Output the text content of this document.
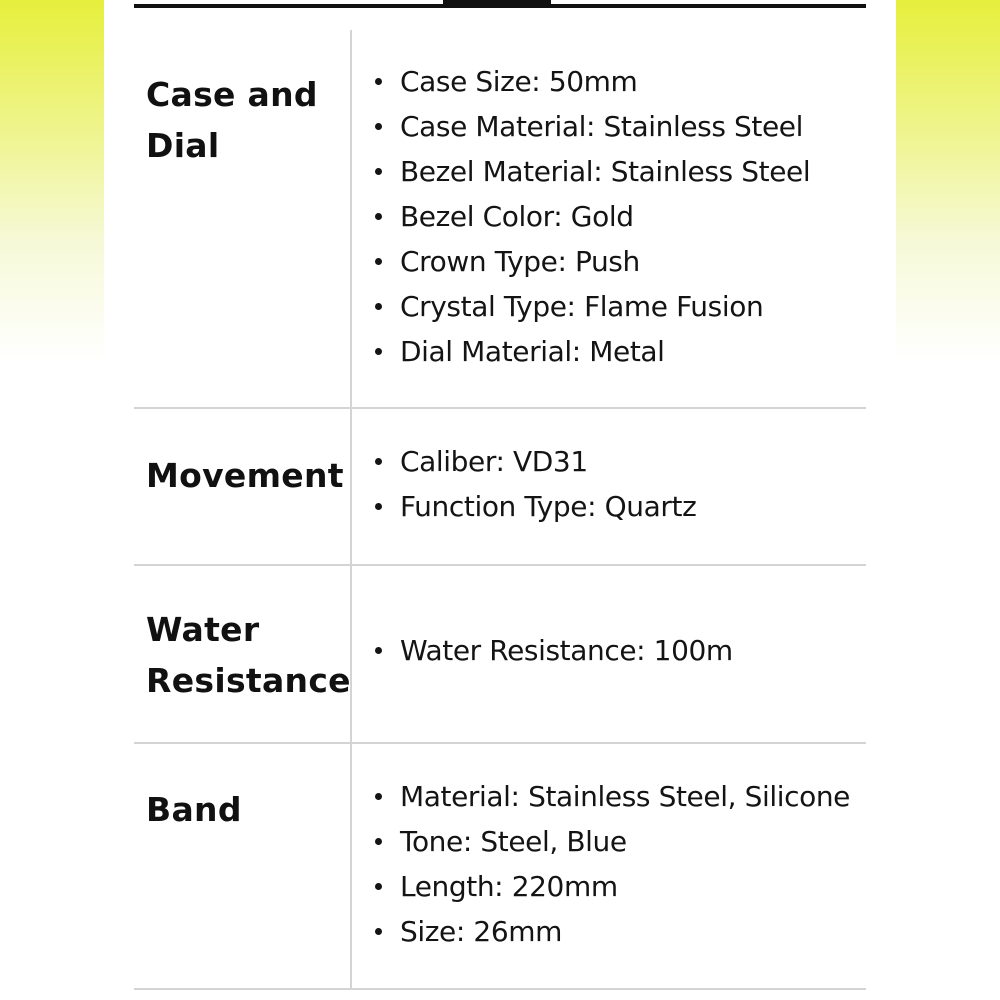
Case and
Dial
Case Size: 50mm
Case Material: Stainless Steel
Bezel Material: Stainless Steel
Bezel Color: Gold
Crown Type: Push
Crystal Type: Flame Fusion
Dial Material: Metal
Movement Caliber: VD31
Function Type: Quartz
Water
Resistance
Water Resistance: 100m
Band	Material: Stainless Steel, Silicone
Tone: Steel, Blue
Length: 220mm
Size: 26mm
